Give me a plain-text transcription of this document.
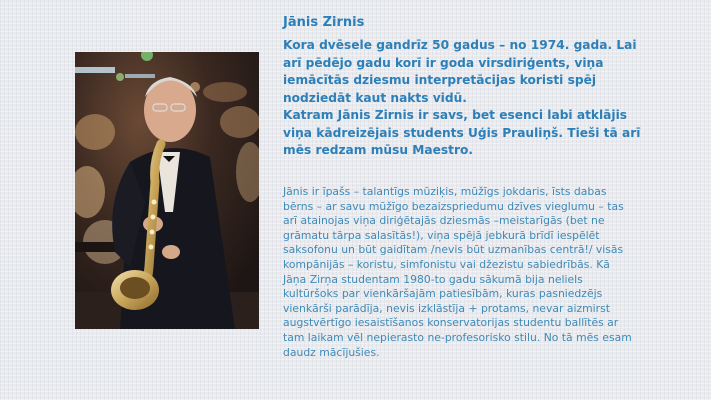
Jānis Zirnis
Kora dvēsele gandrīz 50 gadus – no 1974. gada. Lai arī pēdējo gadu korī ir goda virsdiriģents, viņa iemācītās dziesmu interpretācijas koristi spēj nodziedāt kaut nakts vidū.
Katram Jānis Zirnis ir savs, bet esenci labi atklājis viņa kādreizējais students Uģis Prauliņš. Tieši tā arī mēs redzam mūsu Maestro.
Jānis ir īpašs – talantīgs mūziķis, mūžīgs jokdaris, īsts dabas bērns – ar savu mūžīgo bezaizspriedumu dzīves vieglumu – tas arī atainojas viņa diriģētajās dziesmās –meistarīgās (bet ne grāmatu tārpa salasītās!), viņa spējā jebkurā brīdī iespēlēt saksofonu un būt gaidītam /nevis būt uzmanības centrā!/ visās kompānijās – koristu, simfonistu vai džezistu sabiedrībās. Kā Jāņa Zirņa studentam 1980-to gadu sākumā bija neliels kultūršoks par vienkāršajām patiesībām, kuras pasniedzējs vienkārši parādīja, nevis izklāstīja + protams, nevar aizmirst augstvērtīgo iesaistīšanos konservatorijas studentu ballītēs ar tam laikam vēl nepierasto ne-profesorisko stilu. No tā mēs esam daudz mācījušies.
